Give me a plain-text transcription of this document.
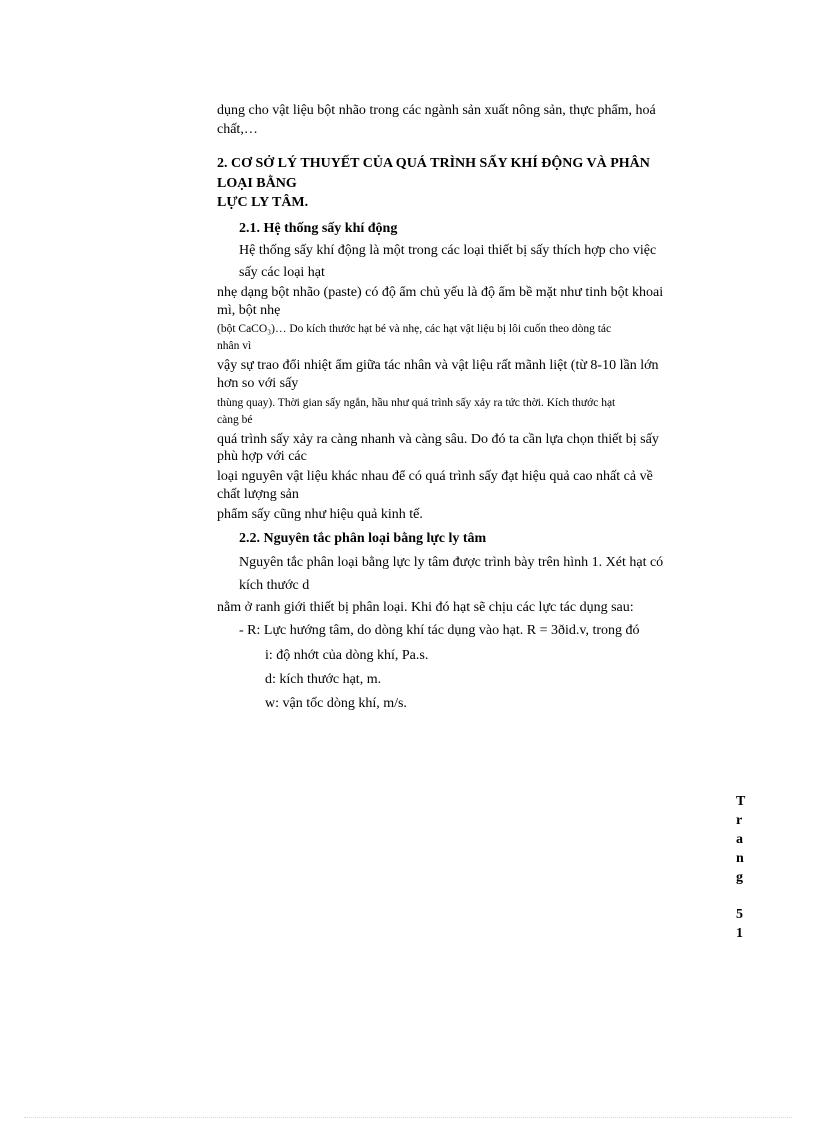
dụng cho vật liệu bột nhão trong các ngành sản xuất nông sản, thực phẩm, hoá
chất,…
2. CƠ SỞ LÝ THUYẾT CỦA QUÁ TRÌNH SẤY KHÍ ĐỘNG VÀ PHÂN
LOẠI BẰNG
LỰC LY TÂM.
2.1. Hệ thống sấy khí động
Hệ thống sấy khí động là một trong các loại thiết bị sấy thích hợp cho việc
sấy các loại hạt
nhẹ dạng bột nhão (paste) có độ ẩm chủ yếu là độ ẩm bề mặt như tinh bột khoai
mì, bột nhẹ
(bột CaCO₃)… Do kích thước hạt bé và nhẹ, các hạt vật liệu bị lôi cuốn theo dòng tác
nhân vì
vậy sự trao đổi nhiệt ẩm giữa tác nhân và vật liệu rất mãnh liệt (từ 8-10 lần lớn
hơn so với sấy
thùng quay). Thời gian sấy ngắn, hầu như quá trình sấy xảy ra tức thời. Kích thước hạt
càng bé
quá trình sấy xảy ra càng nhanh và càng sâu. Do đó ta cần lựa chọn thiết bị sấy
phù hợp với các
loại nguyên vật liệu khác nhau để có quá trình sấy đạt hiệu quả cao nhất cả về
chất lượng sản
phẩm sấy cũng như hiệu quả kinh tế.
2.2. Nguyên tắc phân loại bằng lực ly tâm
Nguyên tắc phân loại bằng lực ly tâm được trình bày trên hình 1. Xét hạt có
kích thước d
nằm ở ranh giới thiết bị phân loại. Khi đó hạt sẽ chịu các lực tác dụng sau:
- R: Lực hướng tâm, do dòng khí tác dụng vào hạt. R = 3ðid.v, trong đó
i: độ nhớt của dòng khí, Pa.s.
d: kích thước hạt, m.
w: vận tốc dòng khí, m/s.
T
r
a
n
g
5
1
